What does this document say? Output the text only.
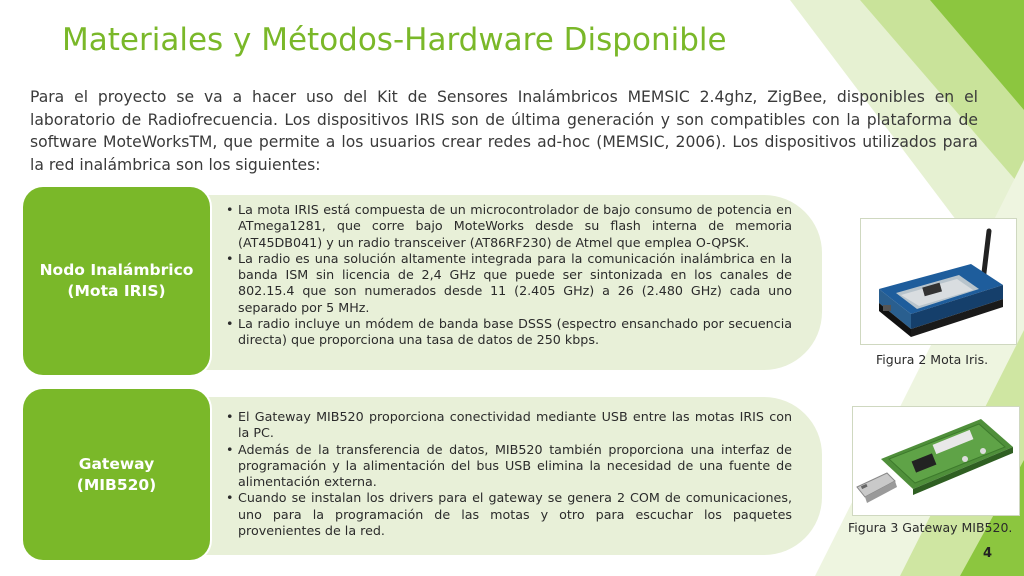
Materiales y Métodos-Hardware Disponible
Para el proyecto se va a hacer uso del Kit de Sensores Inalámbricos MEMSIC 2.4ghz, ZigBee, disponibles en el laboratorio de Radiofrecuencia. Los dispositivos IRIS son de última generación y son compatibles con la plataforma de software MoteWorksTM, que permite a los usuarios crear redes ad-hoc (MEMSIC, 2006). Los dispositivos utilizados para la red inalámbrica son los siguientes:
Nodo Inalámbrico
(Mota IRIS)
• La mota IRIS está compuesta de un microcontrolador de bajo consumo de potencia en ATmega1281, que corre bajo MoteWorks desde su flash interna de memoria (AT45DB041) y un radio transceiver (AT86RF230) de Atmel que emplea O-QPSK.
• La radio es una solución altamente integrada para la comunicación inalámbrica en la banda ISM sin licencia de 2,4 GHz que puede ser sintonizada en los canales de 802.15.4 que son numerados desde 11 (2.405 GHz) a 26 (2.480 GHz) cada uno separado por 5 MHz.
• La radio incluye un módem de banda base DSSS (espectro ensanchado por secuencia directa) que proporciona una tasa de datos de 250 kbps.
Gateway
(MIB520)
• El Gateway MIB520 proporciona conectividad mediante USB entre las motas IRIS con la PC.
• Además de la transferencia de datos, MIB520 también proporciona una interfaz de programación y la alimentación del bus USB elimina la necesidad de una fuente de alimentación externa.
• Cuando se instalan los drivers para el gateway se genera 2 COM de comunicaciones, uno para la programación de las motas y otro para escuchar los paquetes provenientes de la red.
Figura 2 Mota Iris.
Figura 3 Gateway MIB520.
4
